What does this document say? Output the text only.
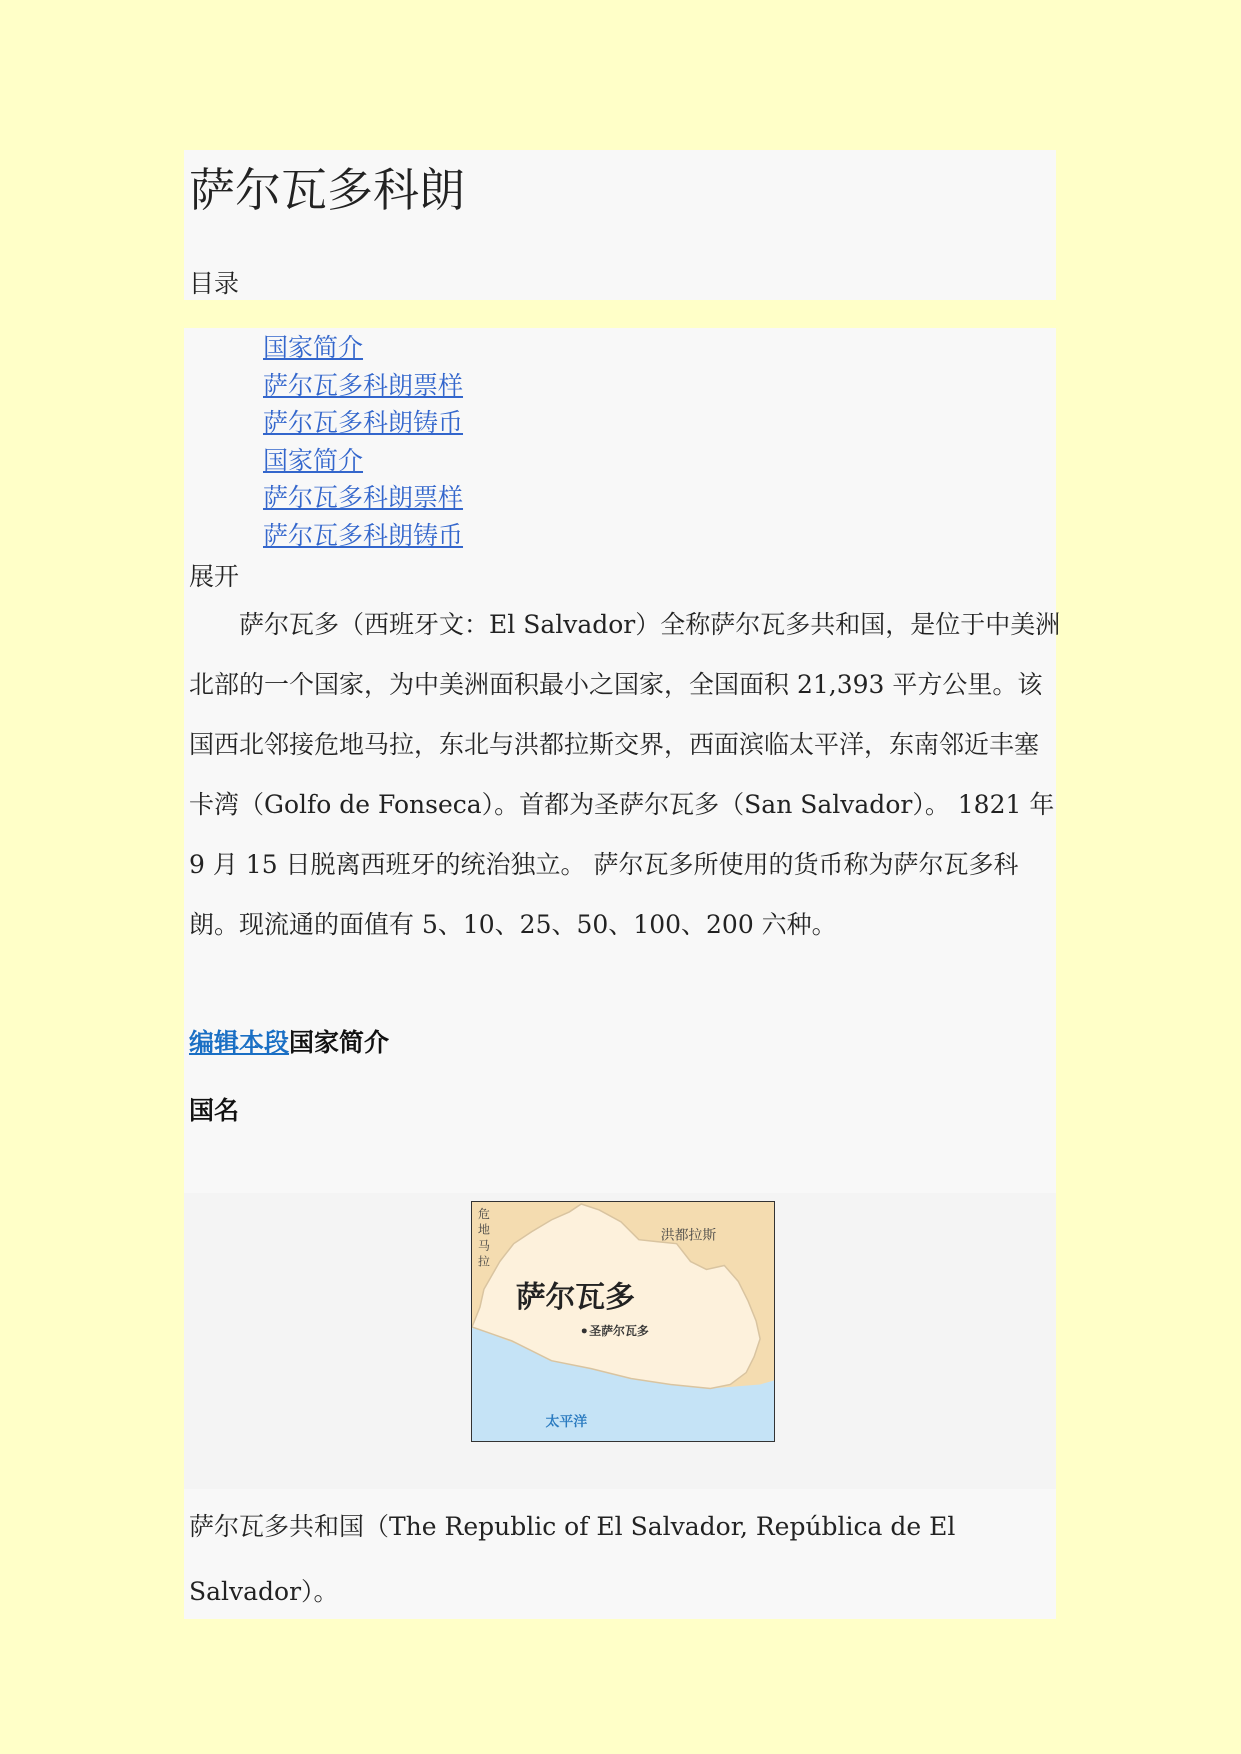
萨尔瓦多科朗
目录
国家简介
萨尔瓦多科朗票样
萨尔瓦多科朗铸币
国家简介
萨尔瓦多科朗票样
萨尔瓦多科朗铸币
展开

萨尔瓦多（西班牙文：El Salvador）全称萨尔瓦多共和国，是位于中美洲北部的一个国家，为中美洲面积最小之国家，全国面积 21,393 平方公里。该国西北邻接危地马拉，东北与洪都拉斯交界，西面滨临太平洋，东南邻近丰塞卡湾（Golfo de Fonseca）。首都为圣萨尔瓦多（San Salvador）。 1821 年 9 月 15 日脱离西班牙的统治独立。 萨尔瓦多所使用的货币称为萨尔瓦多科朗。现流通的面值有 5、10、25、50、100、200 六种。

编辑本段国家简介
国名
危
地
马
拉
洪都拉斯
萨尔瓦多
圣萨尔瓦多
太平洋

萨尔瓦多共和国（The Republic of El Salvador, República de El Salvador）。
